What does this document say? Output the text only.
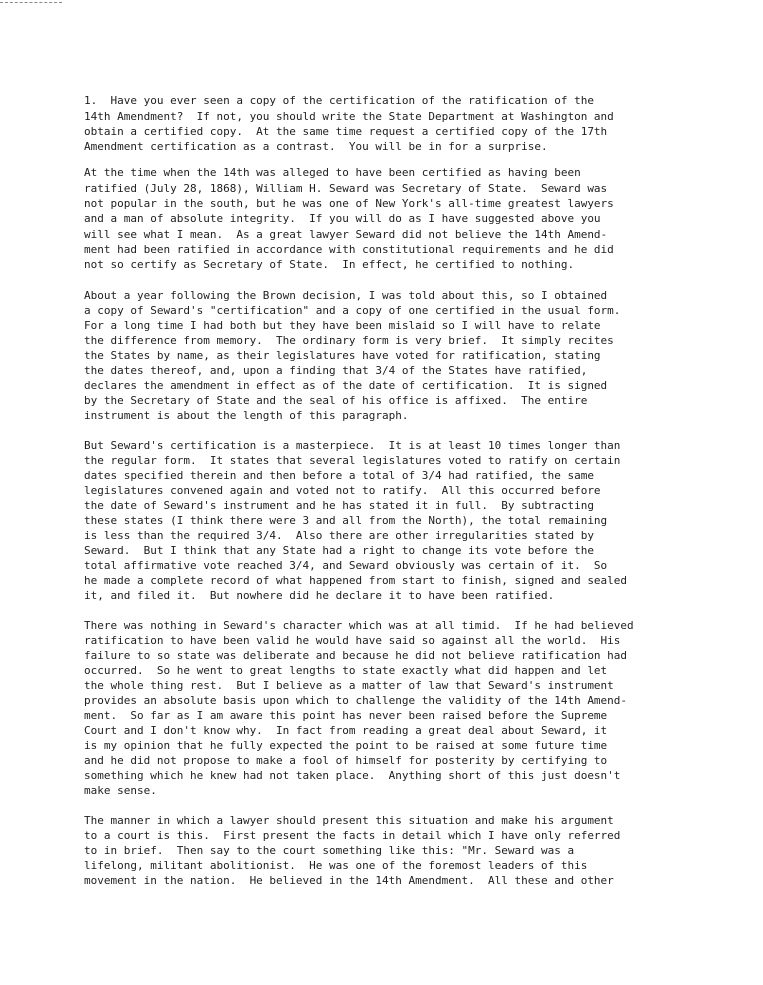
1.  Have you ever seen a copy of the certification of the ratification of the
14th Amendment?  If not, you should write the State Department at Washington and
obtain a certified copy.  At the same time request a certified copy of the 17th
Amendment certification as a contrast.  You will be in for a surprise.
At the time when the 14th was alleged to have been certified as having been
ratified (July 28, 1868), William H. Seward was Secretary of State.  Seward was
not popular in the south, but he was one of New York's all-time greatest lawyers
and a man of absolute integrity.  If you will do as I have suggested above you
will see what I mean.  As a great lawyer Seward did not believe the 14th Amend-
ment had been ratified in accordance with constitutional requirements and he did
not so certify as Secretary of State.  In effect, he certified to nothing.
About a year following the Brown decision, I was told about this, so I obtained
a copy of Seward's "certification" and a copy of one certified in the usual form.
For a long time I had both but they have been mislaid so I will have to relate
the difference from memory.  The ordinary form is very brief.  It simply recites
the States by name, as their legislatures have voted for ratification, stating
the dates thereof, and, upon a finding that 3/4 of the States have ratified,
declares the amendment in effect as of the date of certification.  It is signed
by the Secretary of State and the seal of his office is affixed.  The entire
instrument is about the length of this paragraph.
But Seward's certification is a masterpiece.  It is at least 10 times longer than
the regular form.  It states that several legislatures voted to ratify on certain
dates specified therein and then before a total of 3/4 had ratified, the same
legislatures convened again and voted not to ratify.  All this occurred before
the date of Seward's instrument and he has stated it in full.  By subtracting
these states (I think there were 3 and all from the North), the total remaining
is less than the required 3/4.  Also there are other irregularities stated by
Seward.  But I think that any State had a right to change its vote before the
total affirmative vote reached 3/4, and Seward obviously was certain of it.  So
he made a complete record of what happened from start to finish, signed and sealed
it, and filed it.  But nowhere did he declare it to have been ratified.
There was nothing in Seward's character which was at all timid.  If he had believed
ratification to have been valid he would have said so against all the world.  His
failure to so state was deliberate and because he did not believe ratification had
occurred.  So he went to great lengths to state exactly what did happen and let
the whole thing rest.  But I believe as a matter of law that Seward's instrument
provides an absolute basis upon which to challenge the validity of the 14th Amend-
ment.  So far as I am aware this point has never been raised before the Supreme
Court and I don't know why.  In fact from reading a great deal about Seward, it
is my opinion that he fully expected the point to be raised at some future time
and he did not propose to make a fool of himself for posterity by certifying to
something which he knew had not taken place.  Anything short of this just doesn't
make sense.
The manner in which a lawyer should present this situation and make his argument
to a court is this.  First present the facts in detail which I have only referred
to in brief.  Then say to the court something like this: "Mr. Seward was a
lifelong, militant abolitionist.  He was one of the foremost leaders of this
movement in the nation.  He believed in the 14th Amendment.  All these and other
